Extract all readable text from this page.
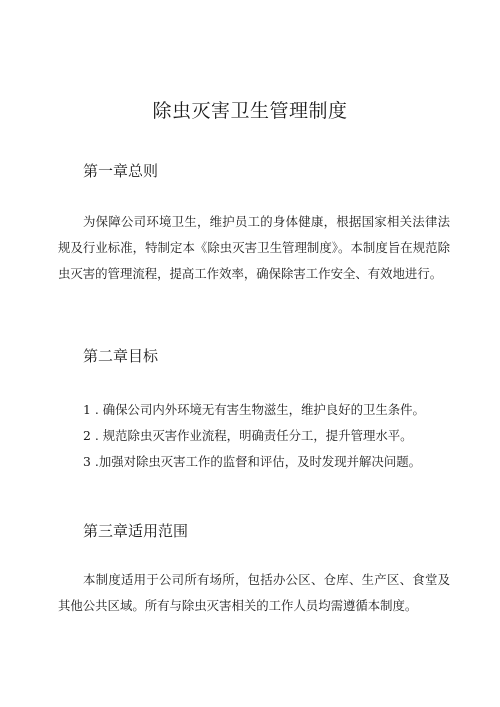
除虫灭害卫生管理制度
第一章总则

为保障公司环境卫生，维护员工的身体健康，根据国家相关法律法规及行业标准，特制定本《除虫灭害卫生管理制度》。本制度旨在规范除虫灭害的管理流程，提高工作效率，确保除害工作安全、有效地进行。

第二章目标
1 . 确保公司内外环境无有害生物滋生，维护良好的卫生条件。
2 . 规范除虫灭害作业流程，明确责任分工，提升管理水平。
3 .加强对除虫灭害工作的监督和评估，及时发现并解决问题。
第三章适用范围

本制度适用于公司所有场所，包括办公区、仓库、生产区、食堂及其他公共区域。所有与除虫灭害相关的工作人员均需遵循本制度。
